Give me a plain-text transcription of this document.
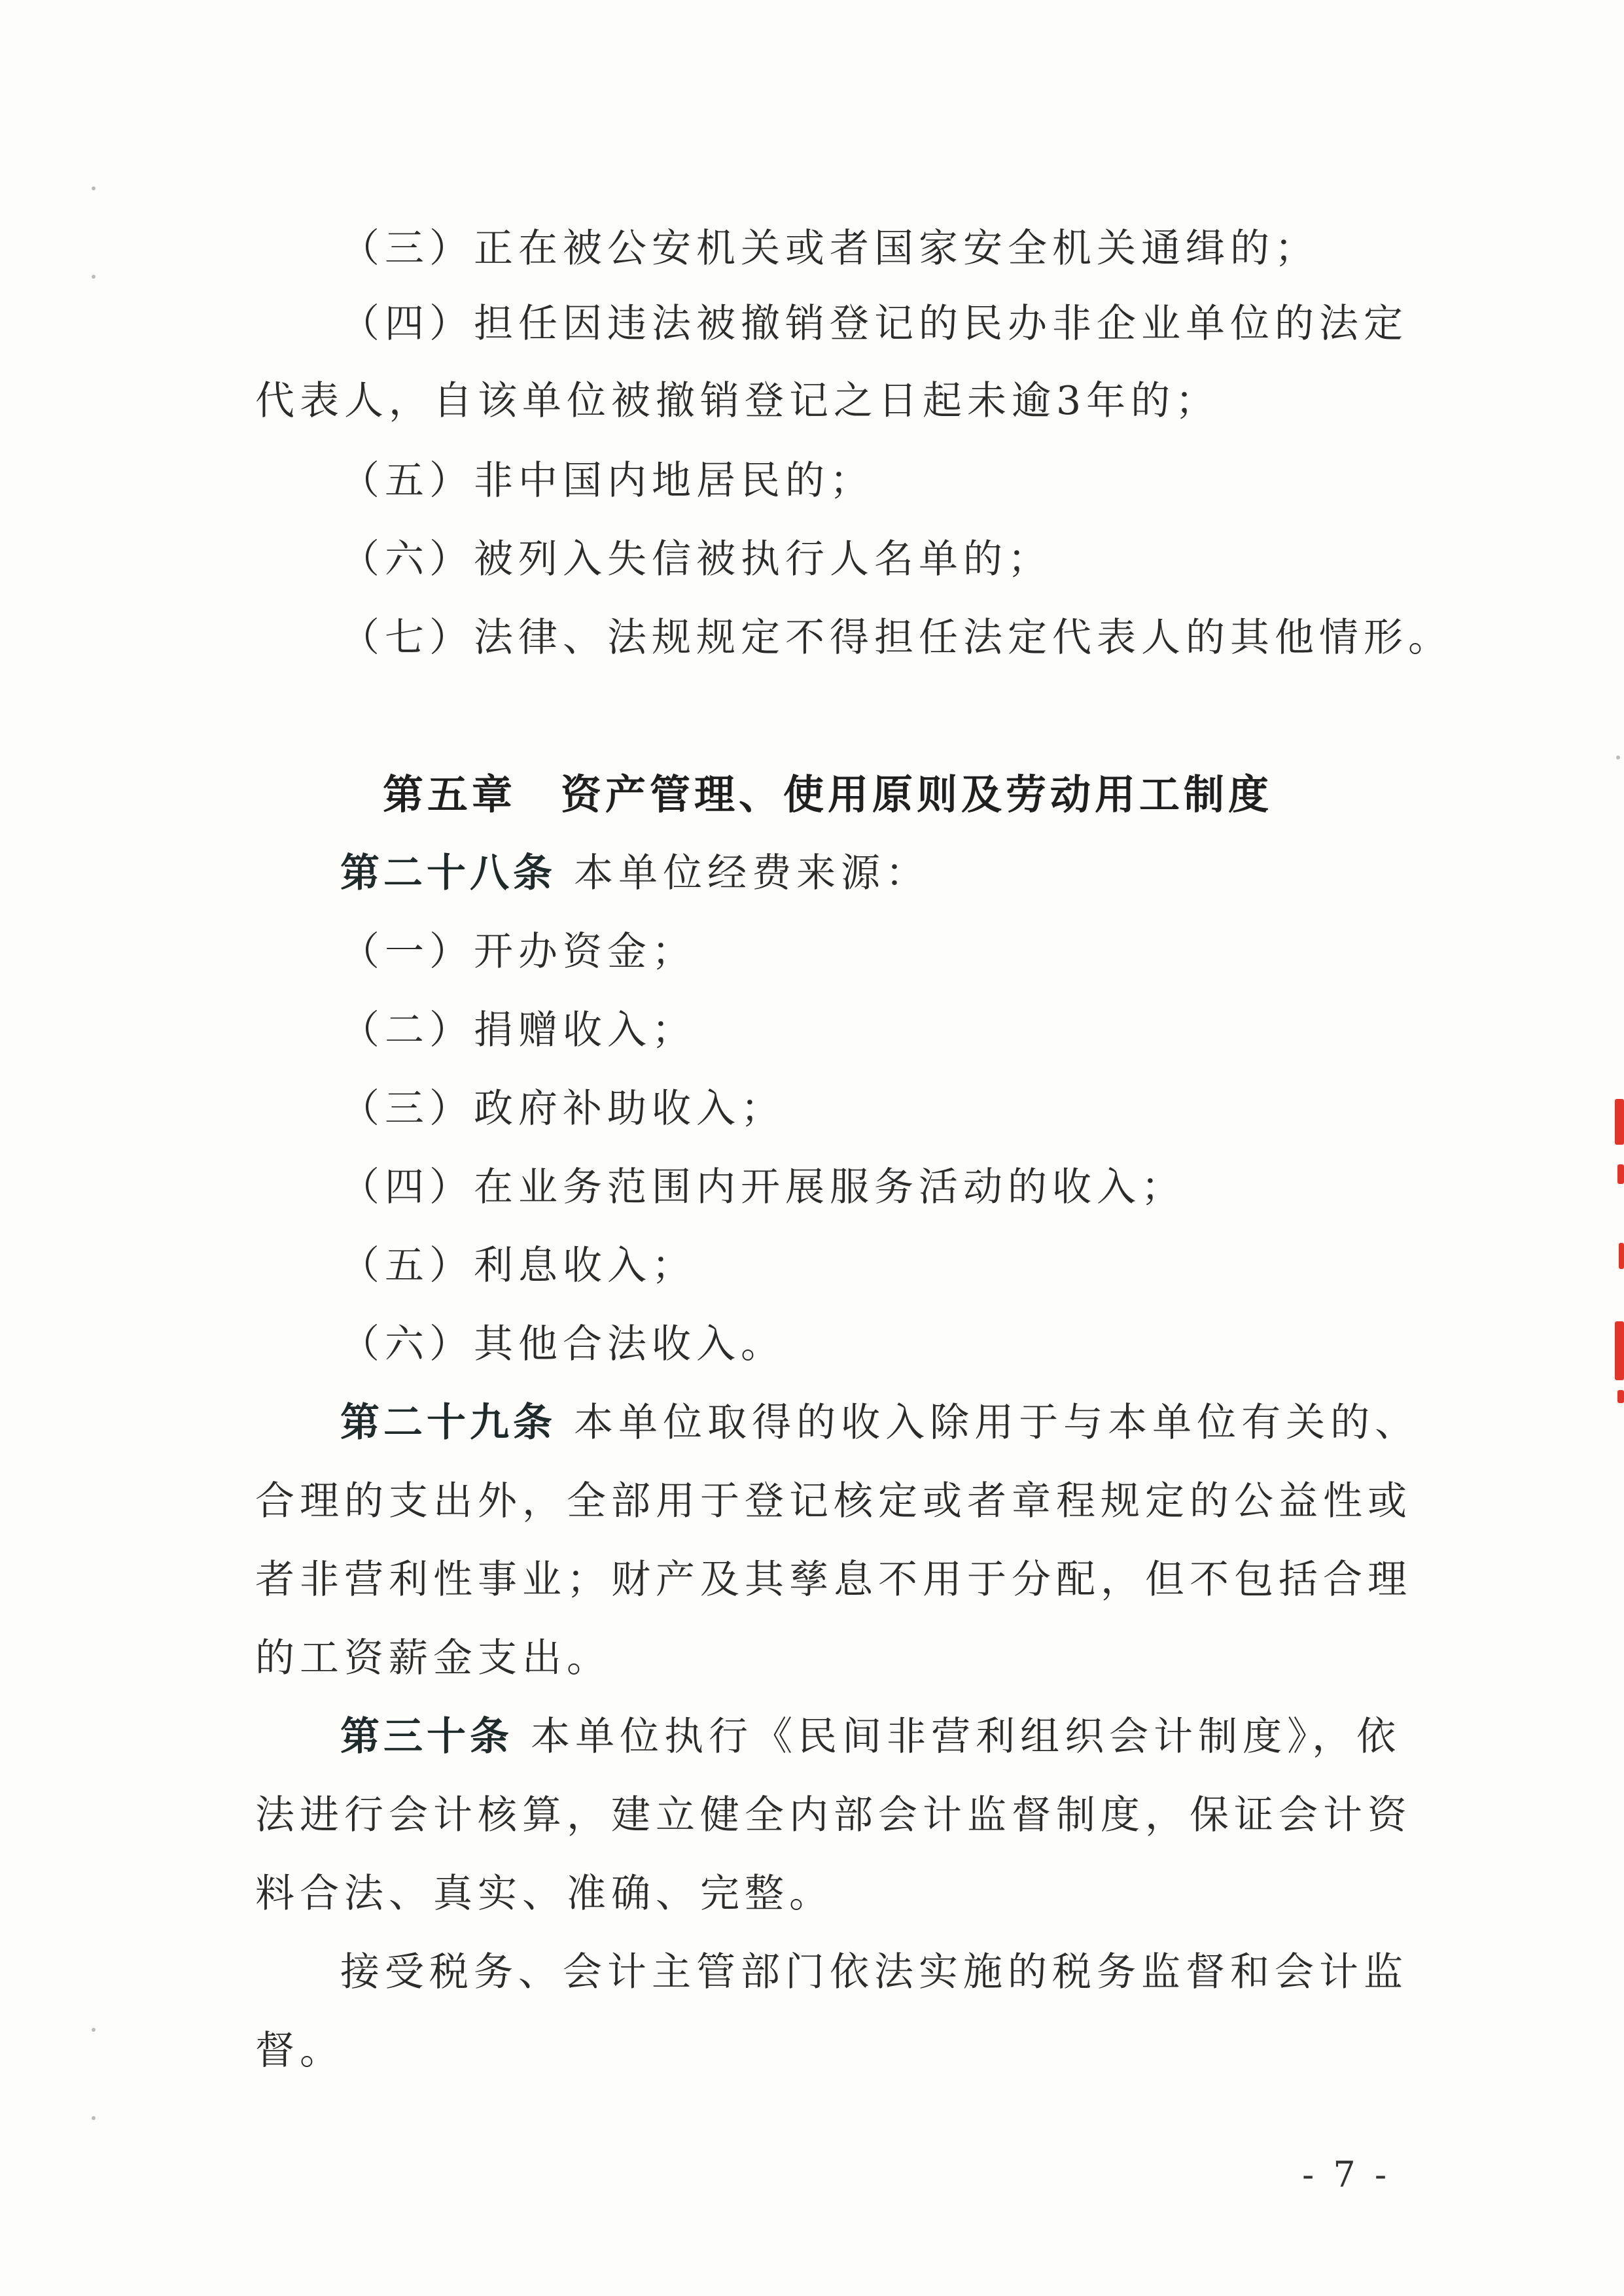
（三）正在被公安机关或者国家安全机关通缉的；
（四）担任因违法被撤销登记的民办非企业单位的法定
代表人，自该单位被撤销登记之日起未逾3年的；
（五）非中国内地居民的；
（六）被列入失信被执行人名单的；
（七）法律、法规规定不得担任法定代表人的其他情形。
第五章　资产管理、使用原则及劳动用工制度
第二十八条 本单位经费来源：
（一）开办资金；
（二）捐赠收入；
（三）政府补助收入；
（四）在业务范围内开展服务活动的收入；
（五）利息收入；
（六）其他合法收入。
第二十九条 本单位取得的收入除用于与本单位有关的、
合理的支出外，全部用于登记核定或者章程规定的公益性或
者非营利性事业；财产及其孳息不用于分配，但不包括合理
的工资薪金支出。
第三十条 本单位执行《民间非营利组织会计制度》，依
法进行会计核算，建立健全内部会计监督制度，保证会计资
料合法、真实、准确、完整。
接受税务、会计主管部门依法实施的税务监督和会计监
督。
- 7 -
